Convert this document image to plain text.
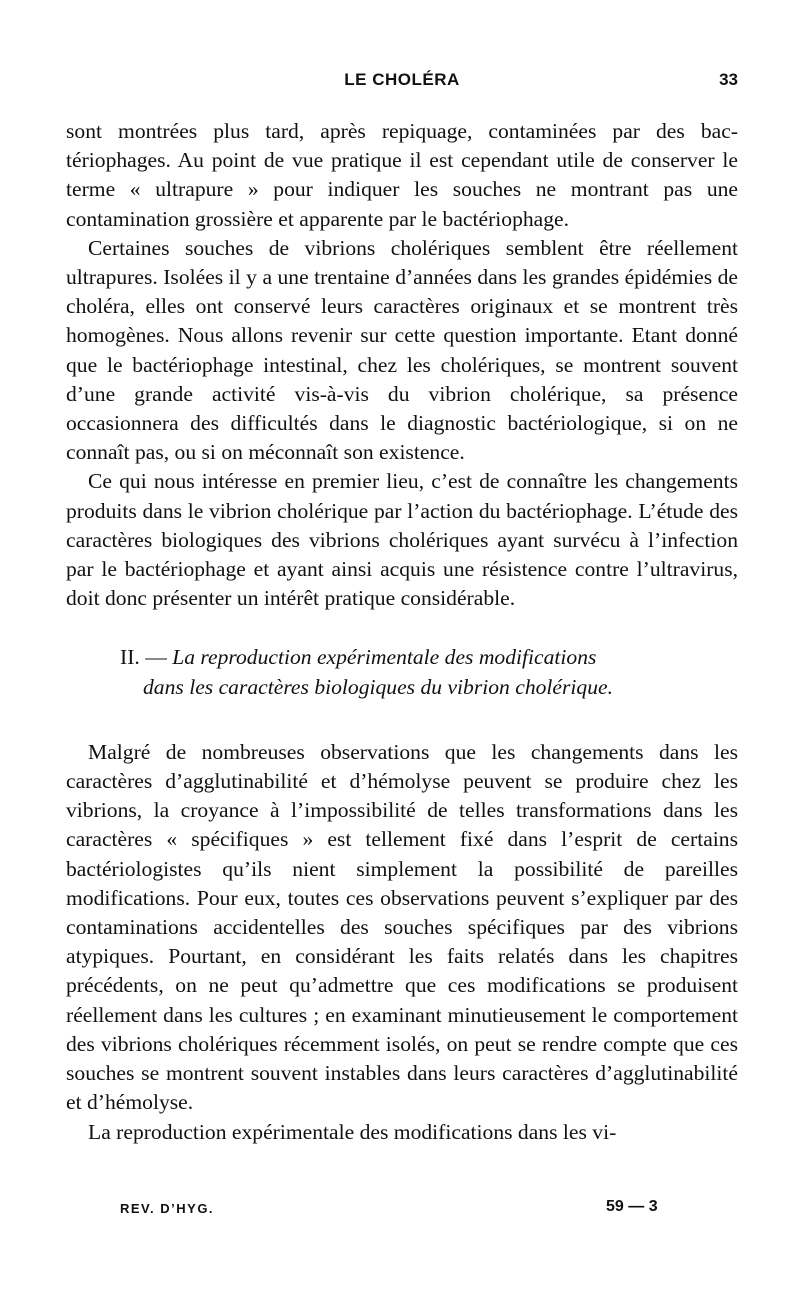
LE CHOLÉRA	33

sont montrées plus tard, après repiquage, contaminées par des bactériophages. Au point de vue pratique il est cependant utile de conserver le terme « ultrapure » pour indiquer les souches ne montrant pas une contamination grossière et apparente par le bactériophage.

Certaines souches de vibrions cholériques semblent être réellement ultrapures. Isolées il y a une trentaine d’années dans les grandes épidémies de choléra, elles ont conservé leurs caractères originaux et se montrent très homogènes. Nous allons revenir sur cette question importante. Etant donné que le bactériophage intestinal, chez les cholériques, se montrent souvent d’une grande activité vis-à-vis du vibrion cholérique, sa présence occasionnera des difficultés dans le diagnostic bactériologique, si on ne connaît pas, ou si on méconnaît son existence.

Ce qui nous intéresse en premier lieu, c’est de connaître les changements produits dans le vibrion cholérique par l’action du bactériophage. L’étude des caractères biologiques des vibrions cholériques ayant survécu à l’infection par le bactériophage et ayant ainsi acquis une résistence contre l’ultravirus, doit donc présenter un intérêt pratique considérable.

II. — La reproduction expérimentale des modifications
dans les caractères biologiques du vibrion cholérique.

Malgré de nombreuses observations que les changements dans les caractères d’agglutinabilité et d’hémolyse peuvent se produire chez les vibrions, la croyance à l’impossibilité de telles transformations dans les caractères « spécifiques » est tellement fixé dans l’esprit de certains bactériologistes qu’ils nient simplement la possibilité de pareilles modifications. Pour eux, toutes ces observations peuvent s’expliquer par des contaminations accidentelles des souches spécifiques par des vibrions atypiques. Pourtant, en considérant les faits relatés dans les chapitres précédents, on ne peut qu’admettre que ces modifications se produisent réellement dans les cultures ; en examinant minutieusement le comportement des vibrions cholériques récemment isolés, on peut se rendre compte que ces souches se montrent souvent instables dans leurs caractères d’agglutinabilité et d’hémolyse.

La reproduction expérimentale des modifications dans les vi-

REV. D’HYG.	59 — 3
